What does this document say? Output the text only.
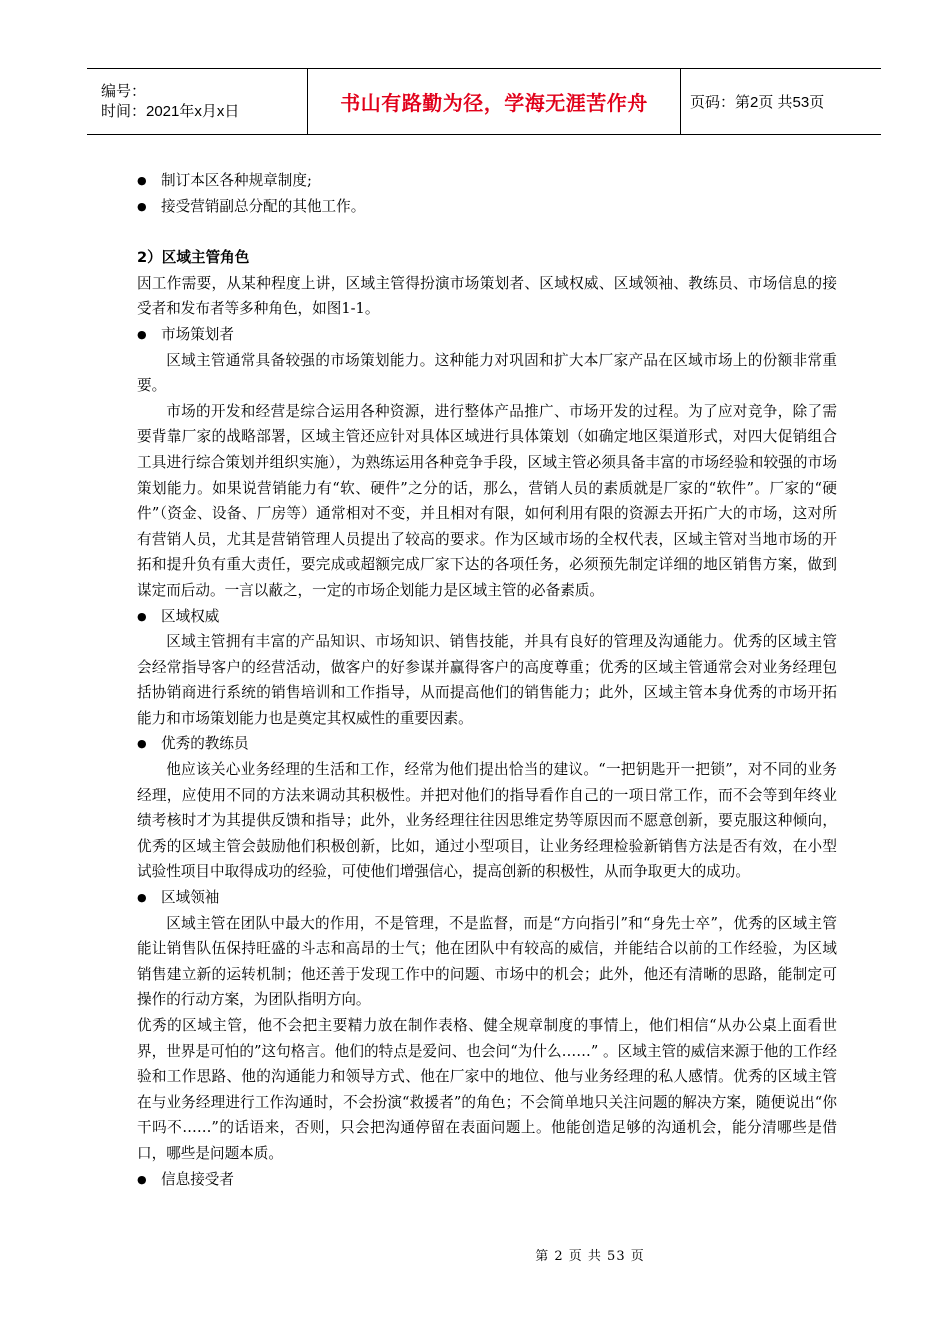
编号：
时间：2021年x月x日	书山有路勤为径，学海无涯苦作舟	页码：第2页 共53页

● 制订本区各种规章制度;

● 接受营销副总分配的其他工作。

2）区域主管角色

因工作需要，从某种程度上讲，区域主管得扮演市场策划者、区域权威、区域领袖、教练员、市场信息的接受者和发布者等多种角色，如图1-1。

● 市场策划者

区域主管通常具备较强的市场策划能力。这种能力对巩固和扩大本厂家产品在区域市场上的份额非常重要。

市场的开发和经营是综合运用各种资源，进行整体产品推广、市场开发的过程。为了应对竞争，除了需要背靠厂家的战略部署，区域主管还应针对具体区域进行具体策划（如确定地区渠道形式，对四大促销组合工具进行综合策划并组织实施），为熟练运用各种竞争手段，区域主管必须具备丰富的市场经验和较强的市场策划能力。如果说营销能力有“软、硬件”之分的话，那么，营销人员的素质就是厂家的“软件”。厂家的“硬件”（资金、设备、厂房等）通常相对不变，并且相对有限，如何利用有限的资源去开拓广大的市场，这对所有营销人员，尤其是营销管理人员提出了较高的要求。作为区域市场的全权代表，区域主管对当地市场的开拓和提升负有重大责任，要完成或超额完成厂家下达的各项任务，必须预先制定详细的地区销售方案，做到谋定而后动。一言以蔽之，一定的市场企划能力是区域主管的必备素质。

● 区域权威

区域主管拥有丰富的产品知识、市场知识、销售技能，并具有良好的管理及沟通能力。优秀的区域主管会经常指导客户的经营活动，做客户的好参谋并赢得客户的高度尊重；优秀的区域主管通常会对业务经理包括协销商进行系统的销售培训和工作指导，从而提高他们的销售能力；此外，区域主管本身优秀的市场开拓能力和市场策划能力也是奠定其权威性的重要因素。

● 优秀的教练员

他应该关心业务经理的生活和工作，经常为他们提出恰当的建议。“一把钥匙开一把锁”，对不同的业务经理，应使用不同的方法来调动其积极性。并把对他们的指导看作自己的一项日常工作，而不会等到年终业绩考核时才为其提供反馈和指导；此外，业务经理往往因思维定势等原因而不愿意创新，要克服这种倾向，优秀的区域主管会鼓励他们积极创新，比如，通过小型项目，让业务经理检验新销售方法是否有效，在小型试验性项目中取得成功的经验，可使他们增强信心，提高创新的积极性，从而争取更大的成功。

● 区域领袖

区域主管在团队中最大的作用，不是管理，不是监督，而是“方向指引”和“身先士卒”，优秀的区域主管能让销售队伍保持旺盛的斗志和高昂的士气；他在团队中有较高的威信，并能结合以前的工作经验，为区域销售建立新的运转机制；他还善于发现工作中的问题、市场中的机会；此外，他还有清晰的思路，能制定可操作的行动方案，为团队指明方向。

优秀的区域主管，他不会把主要精力放在制作表格、健全规章制度的事情上，他们相信“从办公桌上面看世界，世界是可怕的”这句格言。他们的特点是爱问、也会问“为什么……” 。区域主管的威信来源于他的工作经验和工作思路、他的沟通能力和领导方式、他在厂家中的地位、他与业务经理的私人感情。优秀的区域主管在与业务经理进行工作沟通时，不会扮演“救援者”的角色；不会简单地只关注问题的解决方案，随便说出“你干吗不……”的话语来，否则，只会把沟通停留在表面问题上。他能创造足够的沟通机会，能分清哪些是借口，哪些是问题本质。

● 信息接受者

第 2 页 共 53 页
